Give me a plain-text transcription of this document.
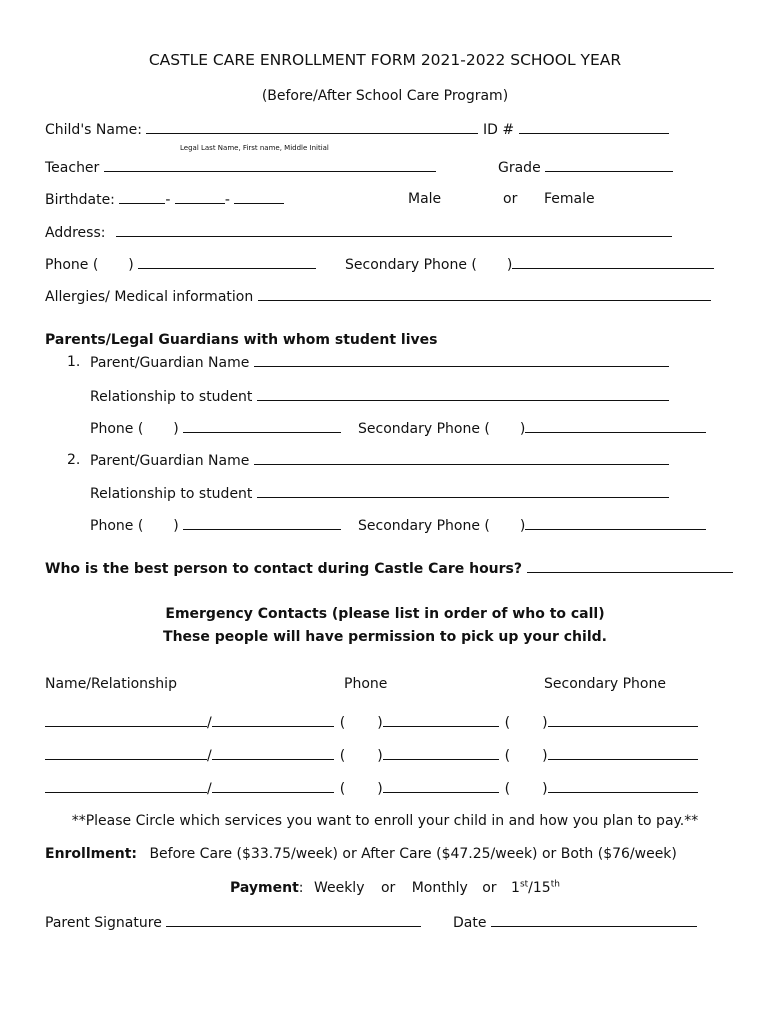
CASTLE CARE ENROLLMENT FORM 2021-2022 SCHOOL YEAR
(Before/After School Care Program)
Child's Name:
Legal Last Name, First name, Middle Initial
ID #
Teacher	Grade
Birthdate:	-	-	Male	or Female
Address:
Phone ( )	Secondary Phone ( )
Allergies/ Medical information
Parents/Legal Guardians with whom student lives
1. Parent/Guardian Name
Relationship to student
Phone ( )	Secondary Phone ( )
2. Parent/Guardian Name
Relationship to student
Phone ( )	Secondary Phone ( )
Who is the best person to contact during Castle Care hours?
Emergency Contacts (please list in order of who to call)
These people will have permission to pick up your child.
Name/Relationship	Phone	Secondary Phone
/	( )	( )
/	( )	( )
/	( )	( )
**Please Circle which services you want to enroll your child in and how you plan to pay.**
Enrollment: Before Care ($33.75/week) or After Care ($47.25/week) or Both ($76/week)
Payment: Weekly or Monthly or 1st/15th
Parent Signature	Date
